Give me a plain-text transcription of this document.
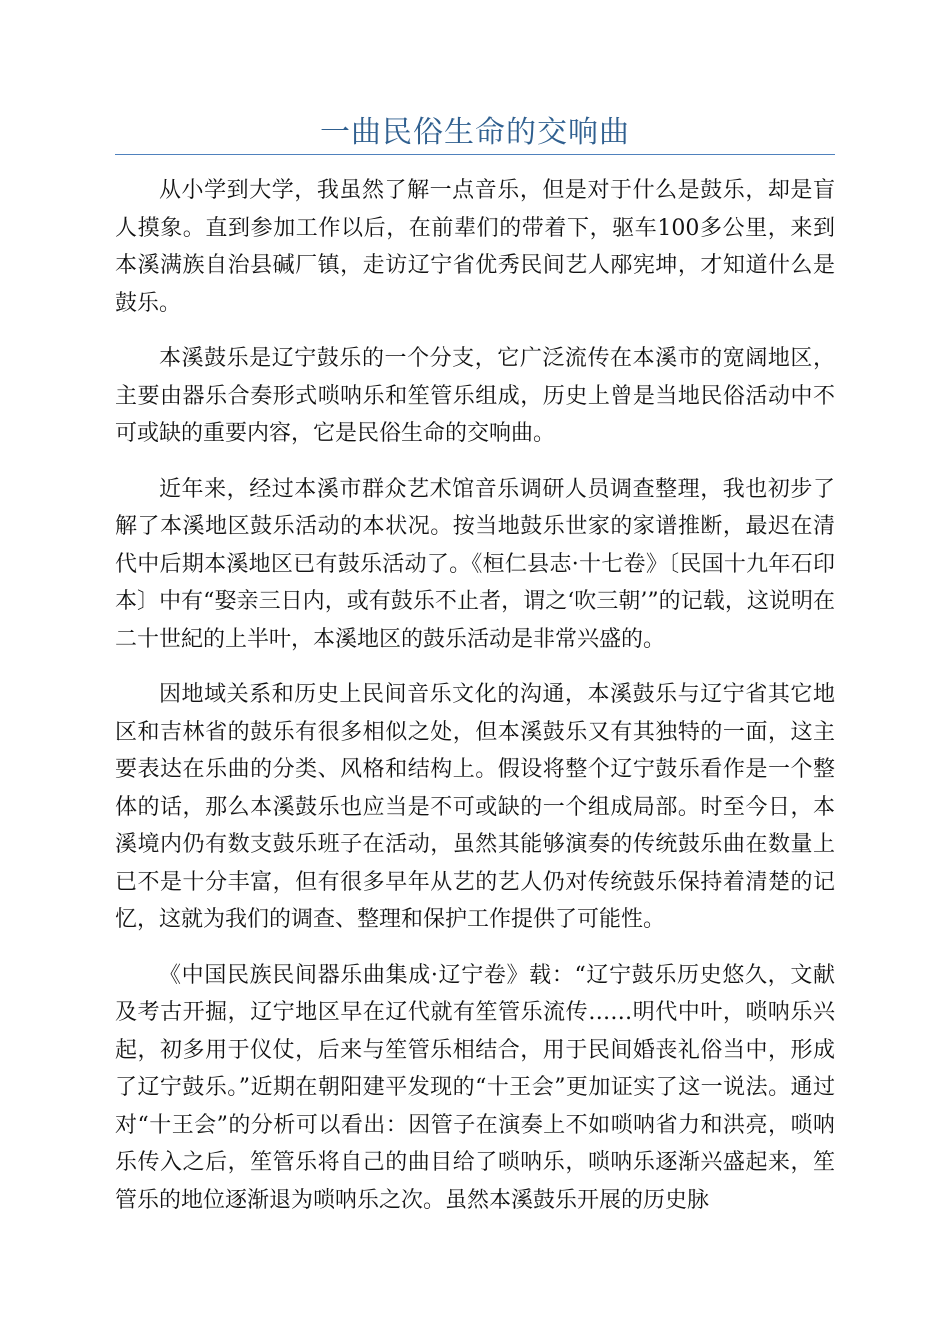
一曲民俗生命的交响曲

从小学到大学，我虽然了解一点音乐，但是对于什么是鼓乐，却是盲人摸象。直到参加工作以后，在前辈们的带着下，驱车100多公里，来到本溪满族自治县碱厂镇，走访辽宁省优秀民间艺人邴宪坤，才知道什么是鼓乐。

本溪鼓乐是辽宁鼓乐的一个分支，它广泛流传在本溪市的宽阔地区，主要由器乐合奏形式唢呐乐和笙管乐组成，历史上曾是当地民俗活动中不可或缺的重要内容，它是民俗生命的交响曲。

近年来，经过本溪市群众艺术馆音乐调研人员调查整理，我也初步了解了本溪地区鼓乐活动的本状况。按当地鼓乐世家的家谱推断，最迟在清代中后期本溪地区已有鼓乐活动了。《桓仁县志·十七卷》〔民国十九年石印本〕中有“娶亲三日内，或有鼓乐不止者，谓之‘吹三朝’”的记载，这说明在二十世紀的上半叶，本溪地区的鼓乐活动是非常兴盛的。

因地域关系和历史上民间音乐文化的沟通，本溪鼓乐与辽宁省其它地区和吉林省的鼓乐有很多相似之处，但本溪鼓乐又有其独特的一面，这主要表达在乐曲的分类、风格和结构上。假设将整个辽宁鼓乐看作是一个整体的话，那么本溪鼓乐也应当是不可或缺的一个组成局部。时至今日，本溪境内仍有数支鼓乐班子在活动，虽然其能够演奏的传统鼓乐曲在数量上已不是十分丰富，但有很多早年从艺的艺人仍对传统鼓乐保持着清楚的记忆，这就为我们的调查、整理和保护工作提供了可能性。

《中国民族民间器乐曲集成·辽宁卷》载：“辽宁鼓乐历史悠久，文献及考古开掘，辽宁地区早在辽代就有笙管乐流传……明代中叶，唢呐乐兴起，初多用于仪仗，后来与笙管乐相结合，用于民间婚丧礼俗当中，形成了辽宁鼓乐。”近期在朝阳建平发现的“十王会”更加证实了这一说法。通过对“十王会”的分析可以看出：因管子在演奏上不如唢呐省力和洪亮，唢呐乐传入之后，笙管乐将自己的曲目给了唢呐乐，唢呐乐逐渐兴盛起来，笙管乐的地位逐渐退为唢呐乐之次。虽然本溪鼓乐开展的历史脉
